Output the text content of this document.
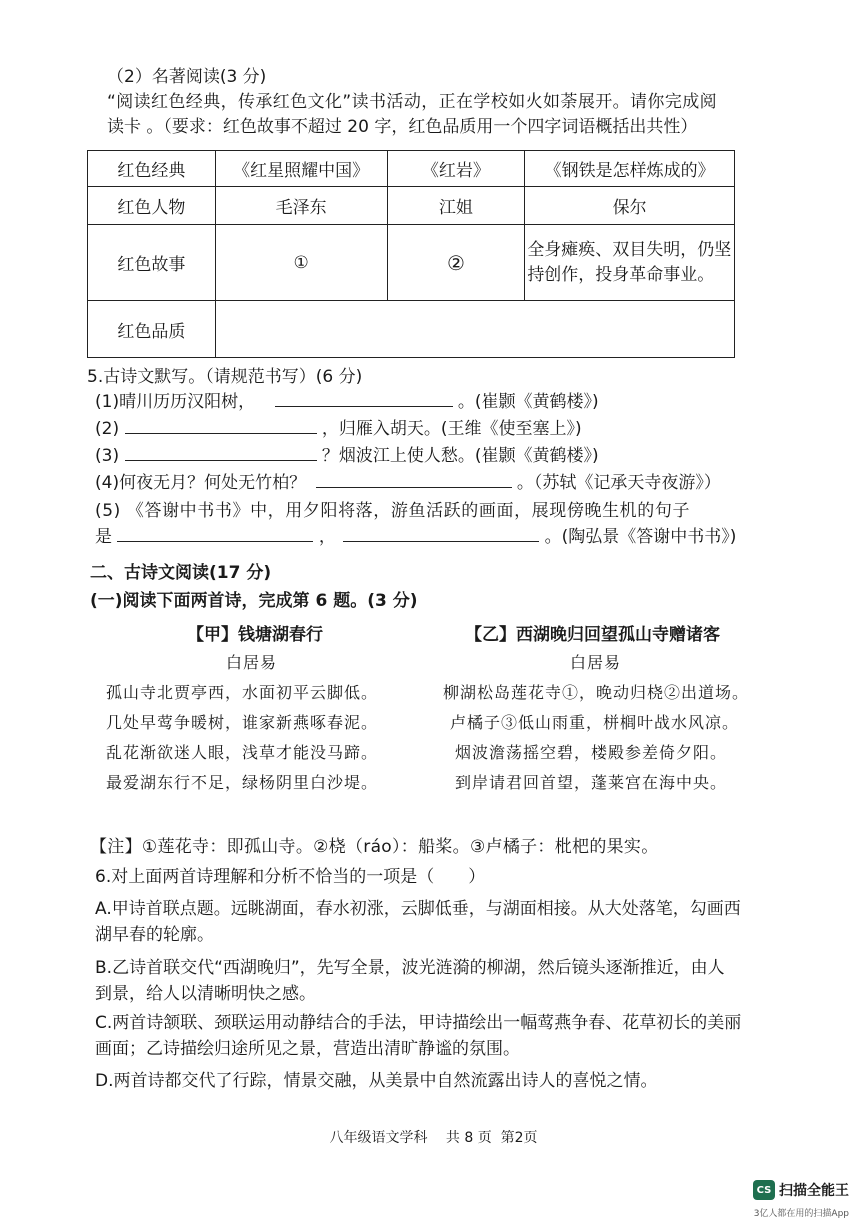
（2）名著阅读(3 分)
“阅读红色经典，传承红色文化”读书活动，正在学校如火如荼展开。请你完成阅
读卡 。（要求：红色故事不超过 20 字，红色品质用一个四字词语概括出共性）
红色经典	《红星照耀中国》	《红岩》	《钢铁是怎样炼成的》
红色人物	毛泽东	江姐	保尔
红色故事	①	②	全身瘫痪、双目失明，仍坚持创作，投身革命事业。
红色品质			
5.古诗文默写。（请规范书写）(6 分)
(1)晴川历历汉阳树，	。(崔颢《黄鹤楼》)
(2)	，归雁入胡天。(王维《使至塞上》)
(3)	？烟波江上使人愁。(崔颢《黄鹤楼》)
(4)何夜无月？何处无竹柏？	。（苏轼《记承天寺夜游》）
(5) 《答谢中书书》中，用夕阳将落，游鱼活跃的画面，展现傍晚生机的句子
是	，	。(陶弘景《答谢中书书》)
二、古诗文阅读(17 分)
(一)阅读下面两首诗，完成第 6 题。(3 分)
【甲】钱塘湖春行
白居易
孤山寺北贾亭西，水面初平云脚低。
几处早莺争暖树，谁家新燕啄春泥。
乱花渐欲迷人眼，浅草才能没马蹄。
最爱湖东行不足，绿杨阴里白沙堤。
【乙】西湖晚归回望孤山寺赠诸客
白居易
柳湖松岛莲花寺①，晚动归桡②出道场。
卢橘子③低山雨重，栟榈叶战水风凉。
烟波澹荡摇空碧，楼殿参差倚夕阳。
到岸请君回首望，蓬莱宫在海中央。
【注】①莲花寺：即孤山寺。②桡（ráo）：船桨。③卢橘子：枇杷的果实。
6.对上面两首诗理解和分析不恰当的一项是（　　）
A.甲诗首联点题。远眺湖面，春水初涨，云脚低垂，与湖面相接。从大处落笔，勾画西
湖早春的轮廓。
B.乙诗首联交代“西湖晚归”，先写全景，波光涟漪的柳湖，然后镜头逐渐推近，由人
到景，给人以清晰明快之感。
C.两首诗颔联、颈联运用动静结合的手法，甲诗描绘出一幅莺燕争春、花草初长的美丽
画面；乙诗描绘归途所见之景，营造出清旷静谧的氛围。
D.两首诗都交代了行踪，情景交融，从美景中自然流露出诗人的喜悦之情。
八年级语文学科　 共 8 页  第2页
CS 扫描全能王
3亿人都在用的扫描App
